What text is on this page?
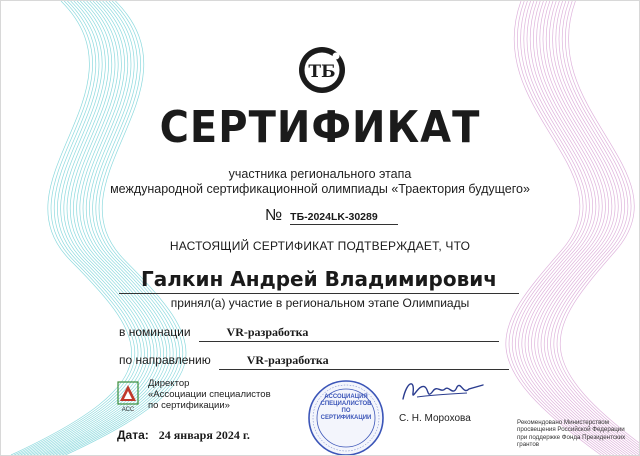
ТБ
СЕРТИФИКАТ
участника регионального этапа
международной сертификационной олимпиады «Траектория будущего»
№ ТБ-2024LK-30289
НАСТОЯЩИЙ СЕРТИФИКАТ ПОДТВЕРЖДАЕТ, ЧТО
Галкин Андрей Владимирович
принял(а) участие в региональном этапе Олимпиады
в номинации	VR-разработка
по направлению	VR-разработка
АСС
Директор
«Ассоциации специалистов
по сертификации»
Дата: 24 января 2024 г.
АССОЦИАЦИЯ
СПЕЦИАЛИСТОВ
ПО
СЕРТИФИКАЦИИ	С. Н. Морохова	Рекомендовано Министерством просвещения Российской Федерации при поддержке Фонда Президентских грантов
